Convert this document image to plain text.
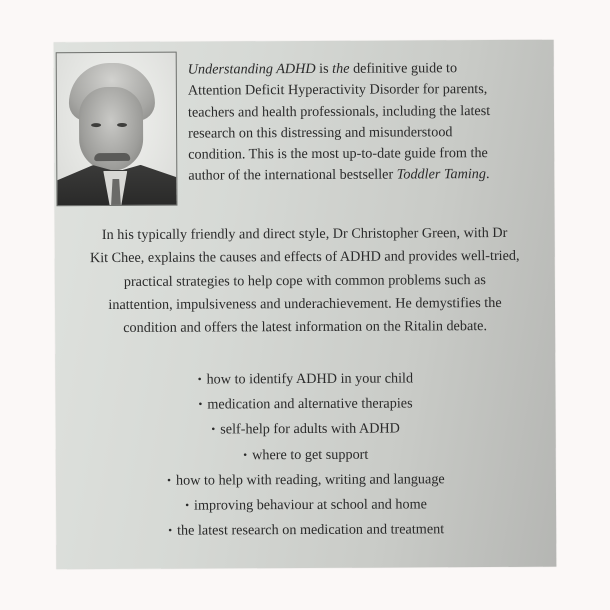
Understanding ADHD is the definitive guide to
Attention Deficit Hyperactivity Disorder for parents,
teachers and health professionals, including the latest
research on this distressing and misunderstood
condition. This is the most up-to-date guide from the
author of the international bestseller Toddler Taming.

In his typically friendly and direct style, Dr Christopher Green, with Dr
Kit Chee, explains the causes and effects of ADHD and provides well-tried,
practical strategies to help cope with common problems such as
inattention, impulsiveness and underachievement. He demystifies the
condition and offers the latest information on the Ritalin debate.

• how to identify ADHD in your child
• medication and alternative therapies
• self-help for adults with ADHD
• where to get support
• how to help with reading, writing and language
• improving behaviour at school and home
• the latest research on medication and treatment
